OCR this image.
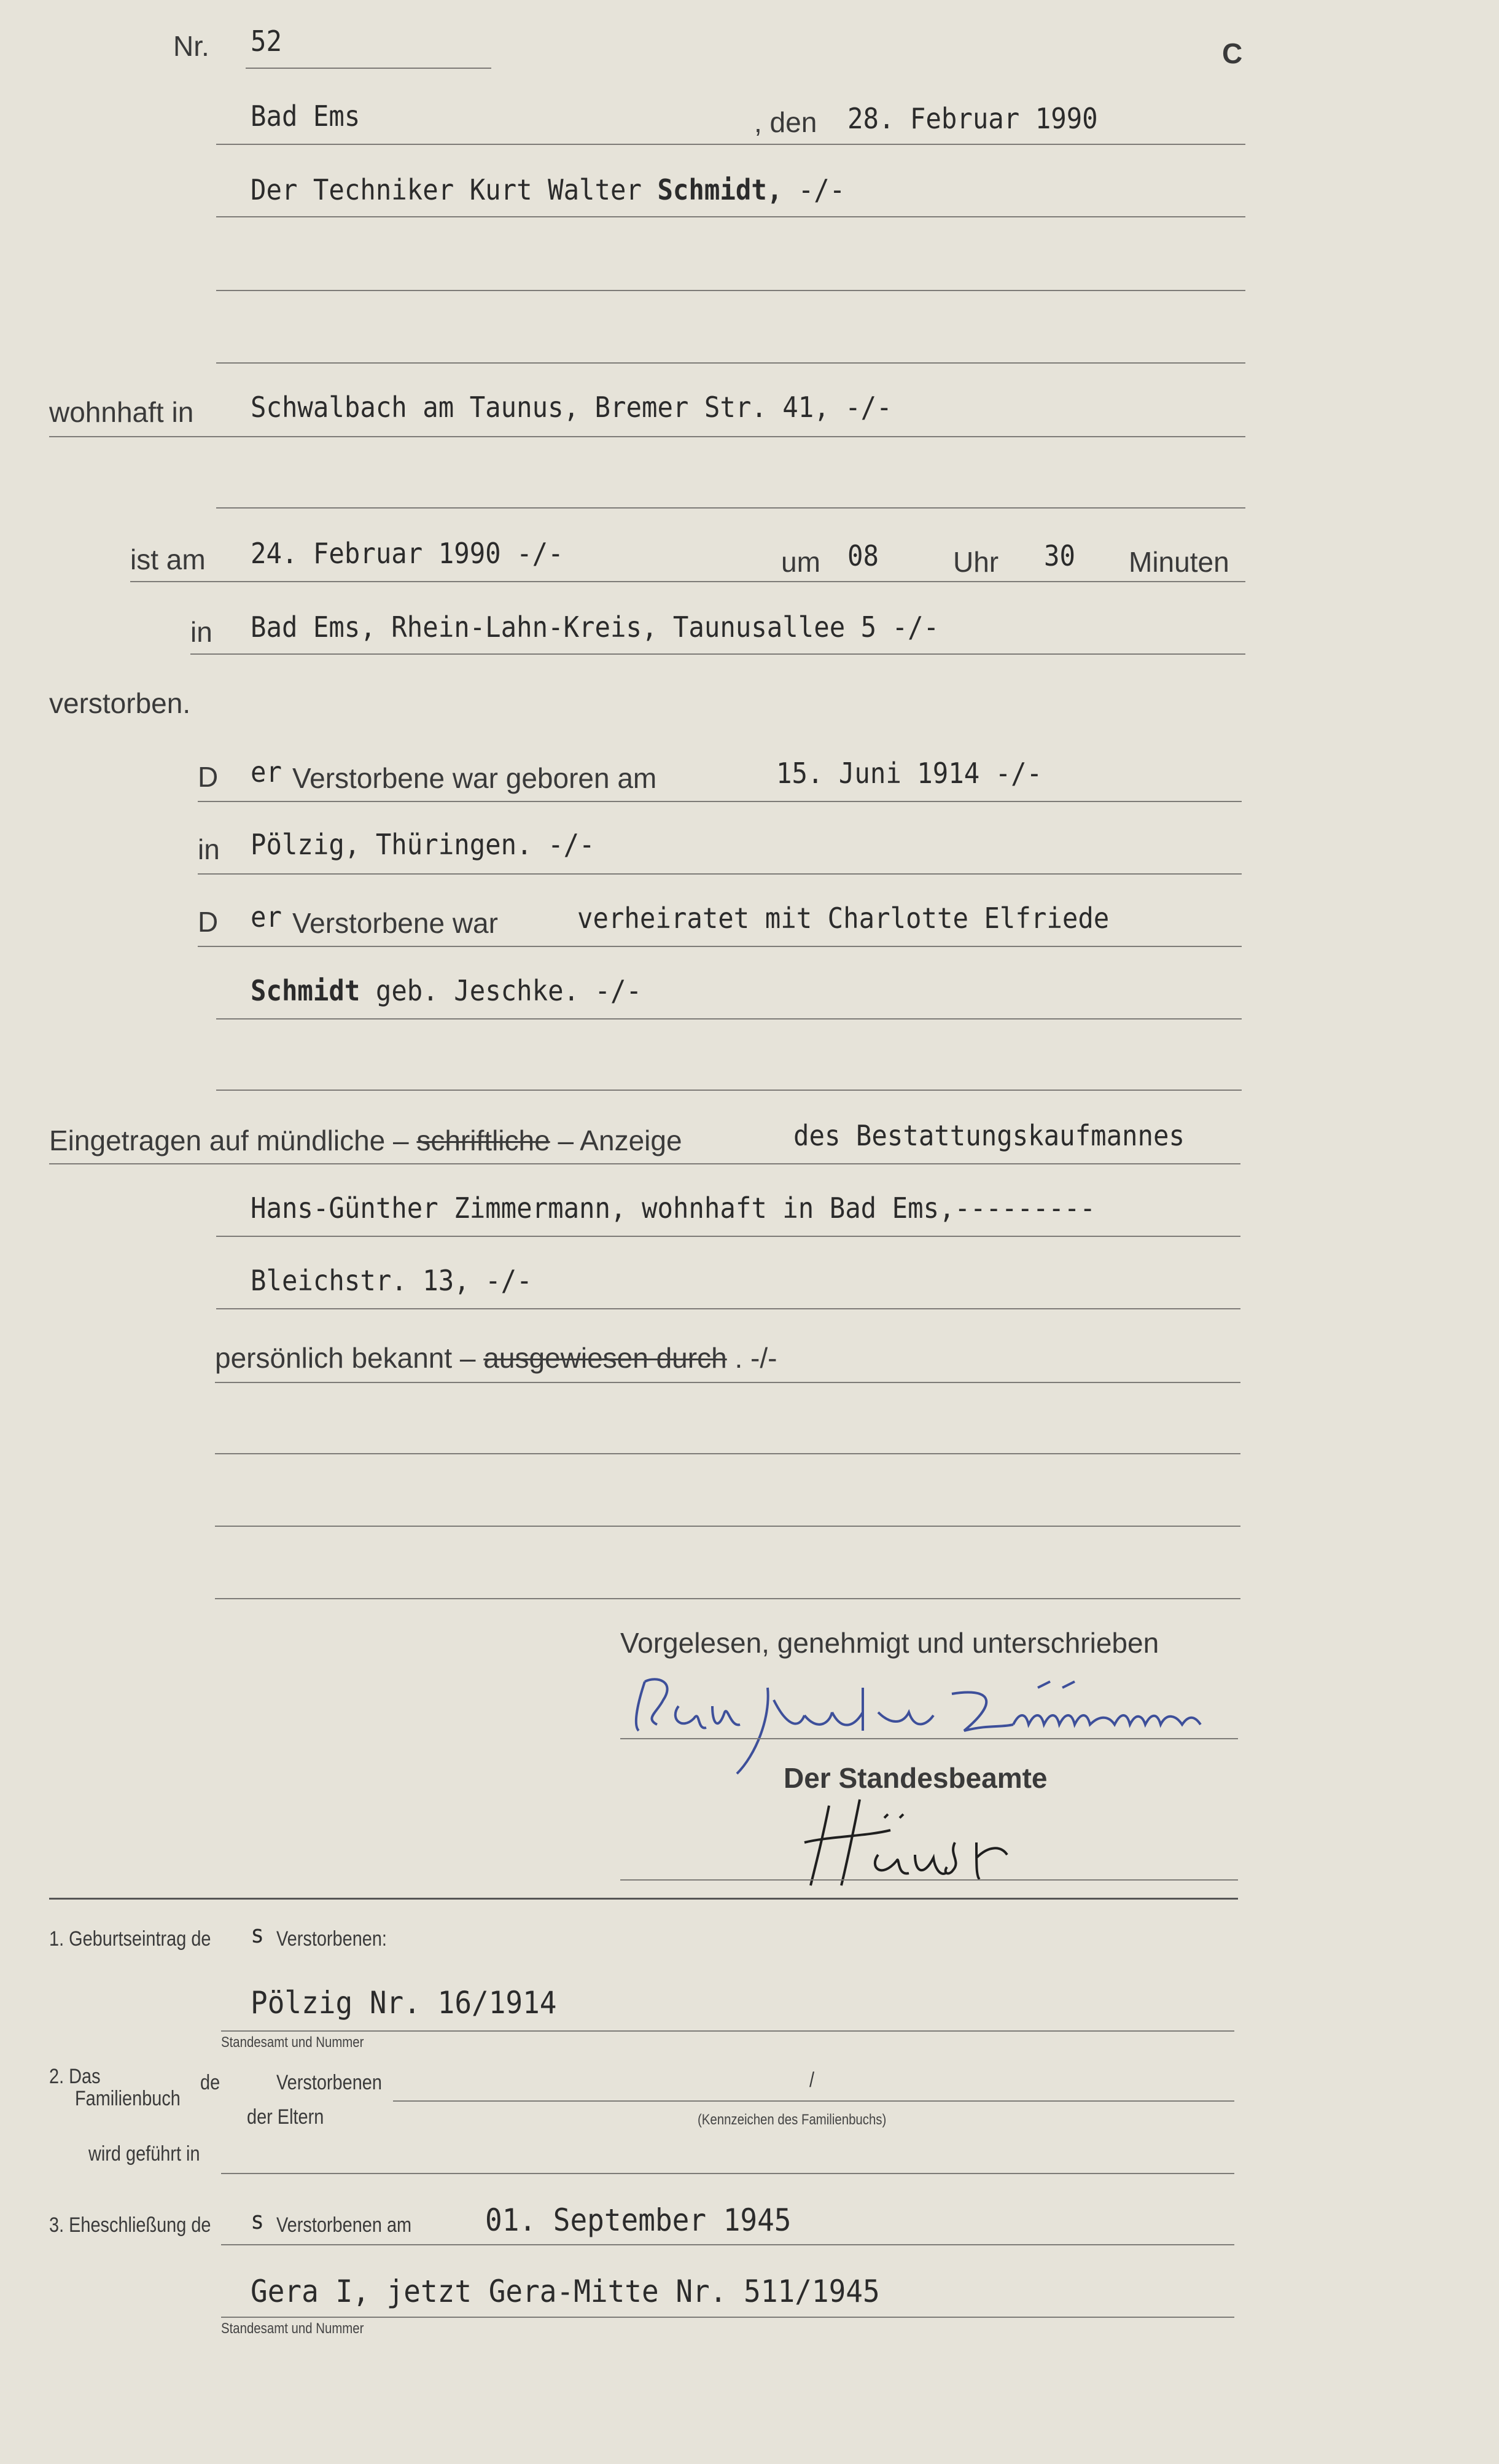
Nr. 52	C
Bad Ems	, den 28. Februar 1990
Der Techniker Kurt Walter Schmidt, -/-
wohnhaft in Schwalbach am Taunus, Bremer Str. 41, -/-
ist am 24. Februar 1990 -/-	um 08	Uhr 30 Minuten
in Bad Ems, Rhein-Lahn-Kreis, Taunusallee 5 -/-
verstorben.
D er Verstorbene war geboren am	15. Juni 1914 -/-
in Pölzig, Thüringen. -/-
D er Verstorbene war	verheiratet mit Charlotte Elfriede
Schmidt geb. Jeschke. -/-
Eingetragen auf mündliche – schriftliche – Anzeige	des Bestattungskaufmannes
Hans-Günther Zimmermann, wohnhaft in Bad Ems,---------
Bleichstr. 13, -/-
persönlich bekannt – ausgewiesen durch . -/-
Vorgelesen, genehmigt und unterschrieben
Der Standesbeamte
1. Geburtseintrag de s Verstorbenen:
Pölzig Nr. 16/1914
Standesamt und Nummer
2. Das
Familienbuch
de	Verstorbenen	/
der Eltern	(Kennzeichen des Familienbuchs)
wird geführt in
3. Eheschließung de s Verstorbenen am 01. September 1945
Gera I, jetzt Gera-Mitte Nr. 511/1945
Standesamt und Nummer
